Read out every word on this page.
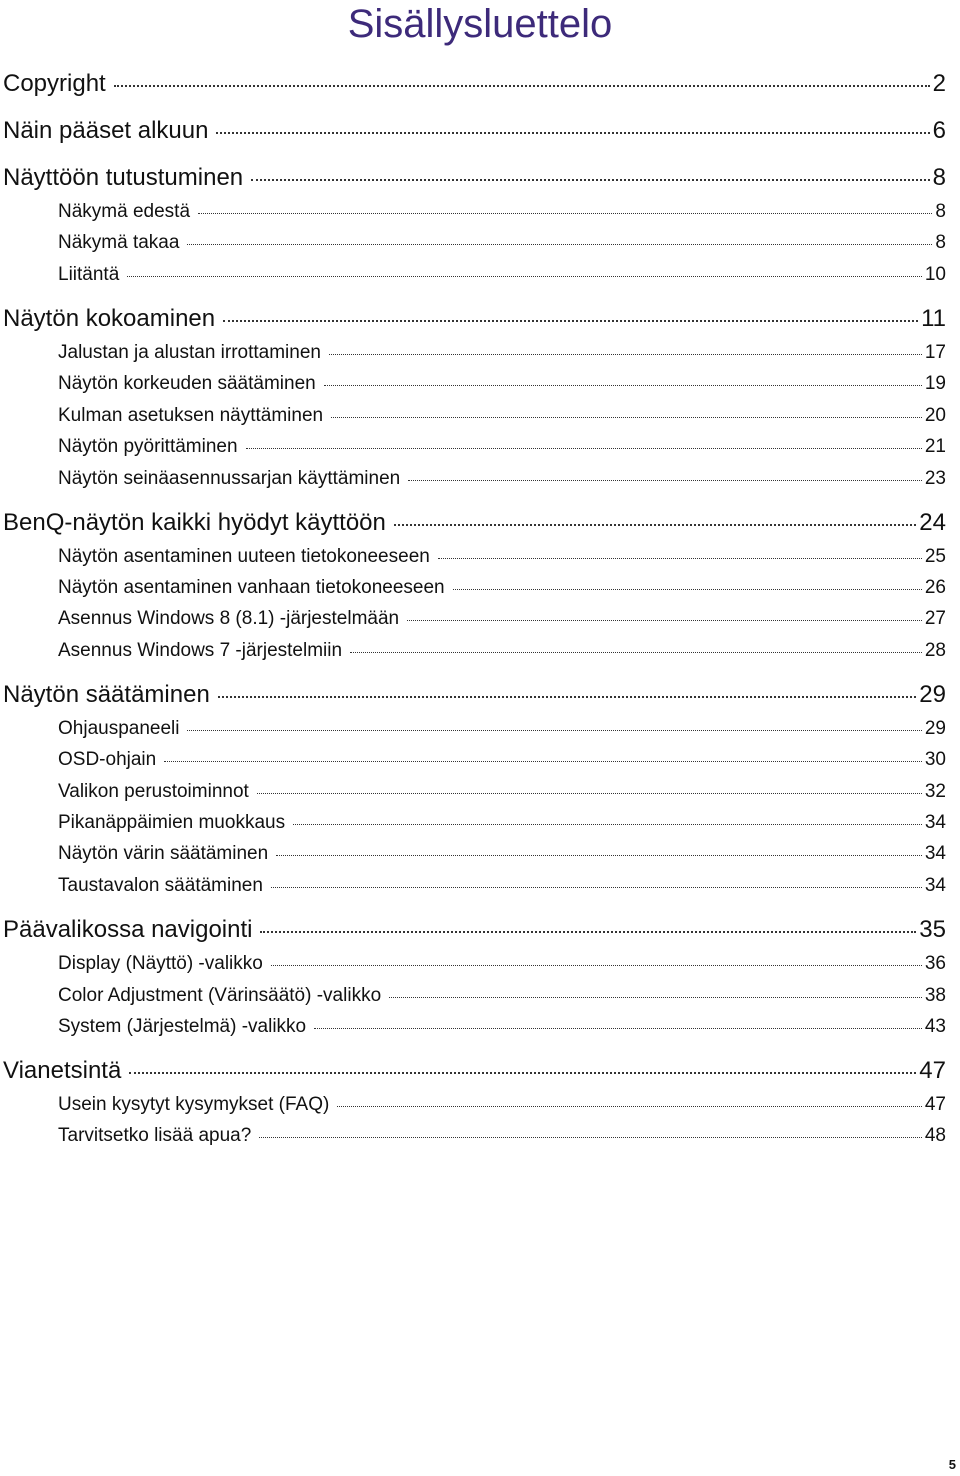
Sisällysluettelo
Copyright	2
Näin pääset alkuun	6
Näyttöön tutustuminen	8
Näkymä edestä	8
Näkymä takaa	8
Liitäntä	10
Näytön kokoaminen	11
Jalustan ja alustan irrottaminen	17
Näytön korkeuden säätäminen	19
Kulman asetuksen näyttäminen	20
Näytön pyörittäminen	21
Näytön seinäasennussarjan käyttäminen	23
BenQ-näytön kaikki hyödyt käyttöön	24
Näytön asentaminen uuteen tietokoneeseen	25
Näytön asentaminen vanhaan tietokoneeseen	26
Asennus Windows 8 (8.1) -järjestelmään	27
Asennus Windows 7 -järjestelmiin	28
Näytön säätäminen	29
Ohjauspaneeli	29
OSD-ohjain	30
Valikon perustoiminnot	32
Pikanäppäimien muokkaus	34
Näytön värin säätäminen	34
Taustavalon säätäminen	34
Päävalikossa navigointi	35
Display (Näyttö) -valikko	36
Color Adjustment (Värinsäätö) -valikko	38
System (Järjestelmä) -valikko	43
Vianetsintä	47
Usein kysytyt kysymykset (FAQ)	47
Tarvitsetko lisää apua?	48
5
